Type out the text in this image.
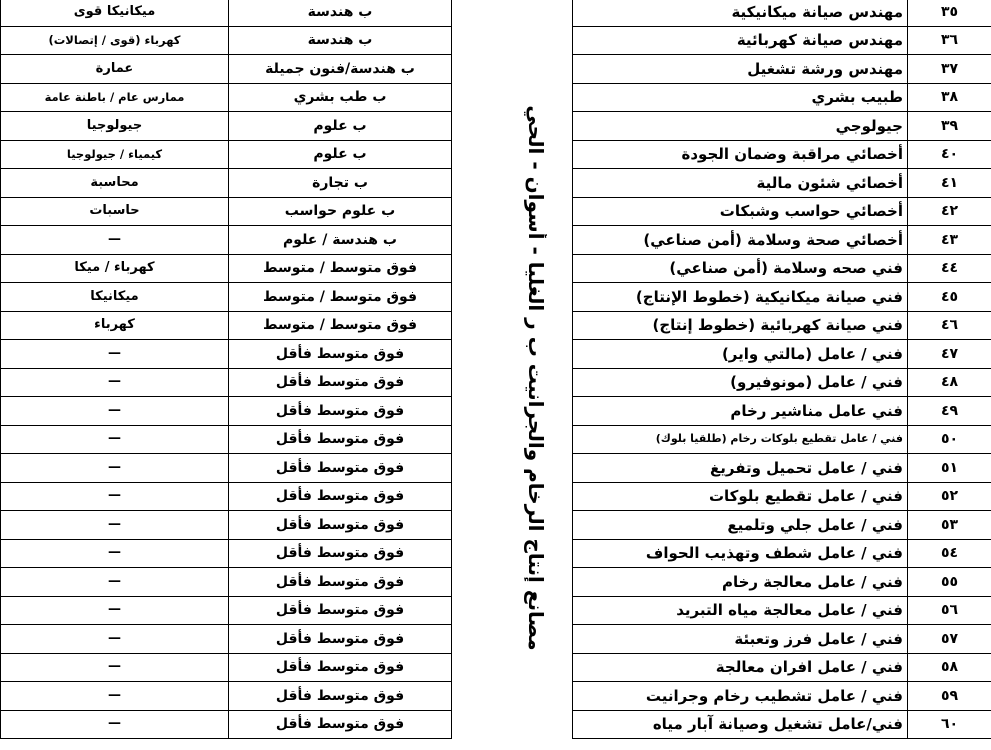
٣٥	مهندس صيانة ميكانيكية
٣٦	مهندس صيانة كهربائية
٣٧	مهندس ورشة تشغيل
٣٨	طبيب بشري
٣٩	جيولوجي
٤٠	أخصائي مراقبة وضمان الجودة
٤١	أخصائي شئون مالية
٤٢	أخصائي حواسب وشبكات
٤٣	أخصائي صحة وسلامة (أمن صناعي)
٤٤	فني صحه وسلامة (أمن صناعي)
٤٥	فني صيانة ميكانيكية (خطوط الإنتاج)
٤٦	فني صيانة كهربائية (خطوط إنتاج)
٤٧	فني / عامل (مالتي واير)
٤٨	فني / عامل (مونوفيرو)
٤٩	فني عامل مناشير رخام
٥٠	فني / عامل تقطيع بلوكات رخام (طلقيا بلوك)
٥١	فني / عامل تحميل وتفريغ
٥٢	فني / عامل تقطيع بلوكات
٥٣	فني / عامل جلي وتلميع
٥٤	فني / عامل شطف وتهذيب الحواف
٥٥	فني / عامل معالجة رخام
٥٦	فني / عامل معالجة مياه التبريد
٥٧	فني / عامل فرز وتعبئة
٥٨	فني / عامل افران معالجة
٥٩	فني / عامل تشطيب رخام وجرانيت
٦٠	فني/عامل تشغيل وصيانة آبار مياه
مصانع إنتاج الرخام والجرانيت ب ر الغليا - أسوان - الحي
ب هندسة	ميكانيكا قوى
ب هندسة	كهرباء (قوى / إتصالات)
ب هندسة/فنون جميلة	عمارة
ب طب بشري	ممارس عام / باطنة عامة
ب علوم	جيولوجيا
ب علوم	كيمياء / جيولوجيا
ب تجارة	محاسبة
ب علوم حواسب	حاسبات
ب هندسة / علوم	—
فوق متوسط / متوسط	كهرباء / ميكا
فوق متوسط / متوسط	ميكانيكا
فوق متوسط / متوسط	كهرباء
فوق متوسط فأقل	—
فوق متوسط فأقل	—
فوق متوسط فأقل	—
فوق متوسط فأقل	—
فوق متوسط فأقل	—
فوق متوسط فأقل	—
فوق متوسط فأقل	—
فوق متوسط فأقل	—
فوق متوسط فأقل	—
فوق متوسط فأقل	—
فوق متوسط فأقل	—
فوق متوسط فأقل	—
فوق متوسط فأقل	—
فوق متوسط فأقل	—
